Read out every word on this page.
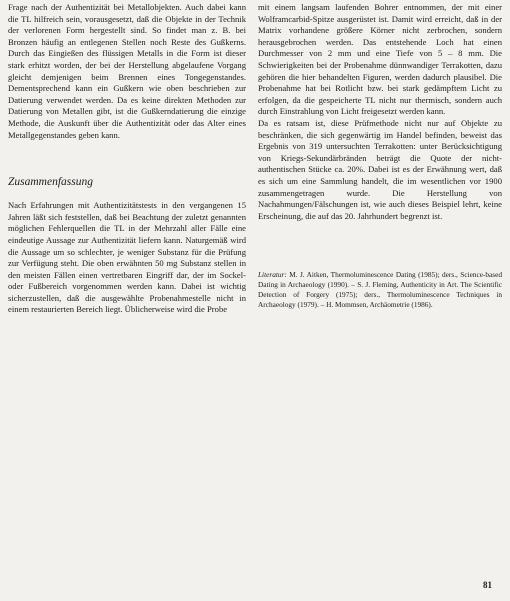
Frage nach der Authentizität bei Metallobjekten. Auch dabei kann die TL hilfreich sein, vorausgesetzt, daß die Objekte in der Technik der verlorenen Form hergestellt sind. So findet man z. B. bei Bronzen häufig an entlegenen Stellen noch Reste des Gußkerns. Durch das Eingießen des flüssigen Metalls in die Form ist dieser stark erhitzt worden, der bei der Herstellung abgelaufene Vorgang gleicht demjenigen beim Brennen eines Tongegenstandes. Dementsprechend kann ein Gußkern wie oben beschrieben zur Datierung verwendet werden. Da es keine direkten Methoden zur Datierung von Metallen gibt, ist die Gußkerndatierung die einzige Methode, die Auskunft über die Authentizität oder das Alter eines Metallgegenstandes geben kann.

Zusammenfassung

Nach Erfahrungen mit Authentizitätstests in den vergangenen 15 Jahren läßt sich feststellen, daß bei Beachtung der zuletzt genannten möglichen Fehlerquellen die TL in der Mehrzahl aller Fälle eine eindeutige Aussage zur Authentizität liefern kann. Naturgemäß wird die Aussage um so schlechter, je weniger Substanz für die Prüfung zur Verfügung steht. Die oben erwähnten 50 mg Substanz stellen in den meisten Fällen einen vertretbaren Eingriff dar, der im Sockel- oder Fußbereich vorgenommen werden kann. Dabei ist wichtig sicherzustellen, daß die ausgewählte Probenahmestelle nicht in einem restaurierten Bereich liegt. Üblicherweise wird die Probe

mit einem langsam laufenden Bohrer entnommen, der mit einer Wolframcarbid-Spitze ausgerüstet ist. Damit wird erreicht, daß in der Matrix vorhandene größere Körner nicht zerbrochen, sondern herausgebrochen werden. Das entstehende Loch hat einen Durchmesser von 2 mm und eine Tiefe von 5 – 8 mm. Die Schwierigkeiten bei der Probenahme dünnwandiger Terrakotten, dazu gehören die hier behandelten Figuren, werden dadurch plausibel. Die Probenahme hat bei Rotlicht bzw. bei stark gedämpftem Licht zu erfolgen, da die gespeicherte TL nicht nur thermisch, sondern auch durch Einstrahlung von Licht freigesetzt werden kann.

Da es ratsam ist, diese Prüfmethode nicht nur auf Objekte zu beschränken, die sich gegenwärtig im Handel befinden, beweist das Ergebnis von 319 untersuchten Terrakotten: unter Berücksichtigung von Kriegs-Sekundärbränden beträgt die Quote der nicht-authentischen Stücke ca. 20%. Dabei ist es der Erwähnung wert, daß es sich um eine Sammlung handelt, die im wesentlichen vor 1900 zusammengetragen wurde. Die Herstellung von Nachahmungen/Fälschungen ist, wie auch dieses Beispiel lehrt, keine Erscheinung, die auf das 20. Jahrhundert begrenzt ist.

Literatur: M. J. Aitken, Thermoluminescence Dating (1985); ders., Science-based Dating in Archaeology (1990). – S. J. Fleming, Authenticity in Art. The Scientific Detection of Forgery (1975); ders., Thermoluminescence Techniques in Archaeology (1979). – H. Mommsen, Archäometrie (1986).

81
